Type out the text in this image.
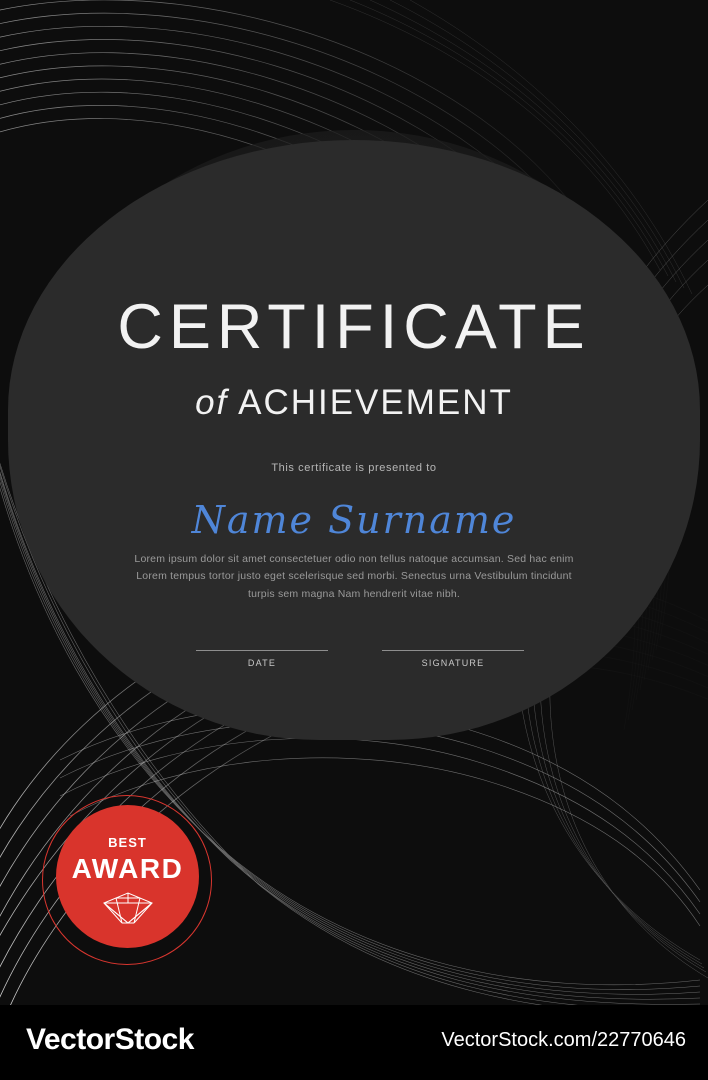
CERTIFICATE
of ACHIEVEMENT
This certificate is presented to
Name Surname
Lorem ipsum dolor sit amet consectetuer odio non tellus natoque accumsan. Sed hac enim Lorem tempus tortor justo eget scelerisque sed morbi. Senectus urna Vestibulum tincidunt turpis sem magna Nam hendrerit vitae nibh.
DATE	SIGNATURE
BEST
AWARD
VectorStock	VectorStock.com/22770646
